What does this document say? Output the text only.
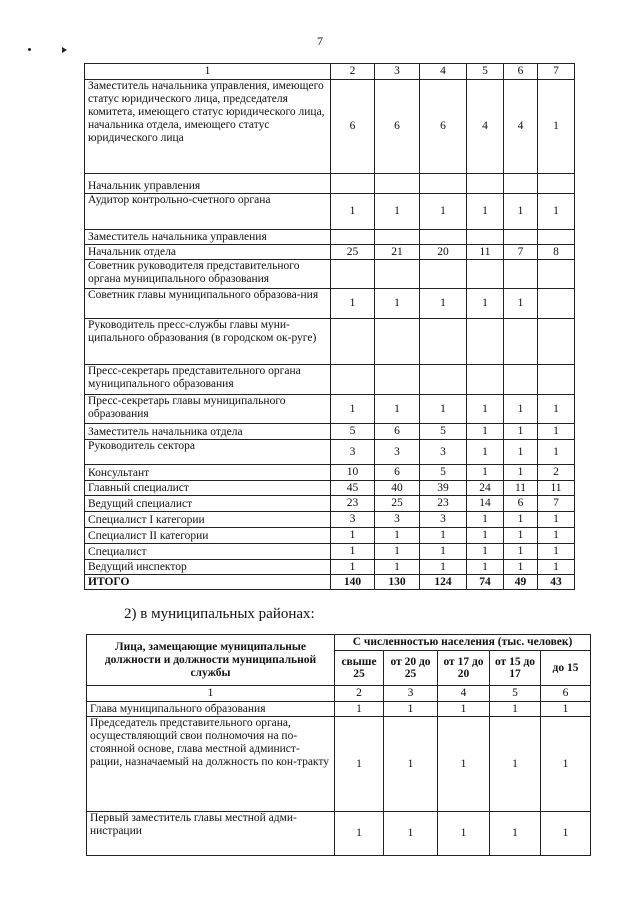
7
1	2	3	4	5	6	7
Заместитель начальника управления, имеющего статус юридического лица, председателя комитета, имеющего статус юридического лица, начальника отдела, имеющего статус юридического лица	6	6	6	4	4	1
Начальник управления						
Аудитор контрольно-счетного органа	1	1	1	1	1	1
Заместитель начальника управления						
Начальник отдела	25	21	20	11	7	8
Советник руководителя представительного органа муниципального образования						
Советник главы муниципального образова-ния	1	1	1	1	1	
Руководитель пресс-службы главы муни-ципального образования (в городском ок-руге)						
Пресс-секретарь представительного органа муниципального образования						
Пресс-секретарь главы муниципального образования	1	1	1	1	1	1
Заместитель начальника отдела	5	6	5	1	1	1
Руководитель сектора	3	3	3	1	1	1
Консультант	10	6	5	1	1	2
Главный специалист	45	40	39	24	11	11
Ведущий специалист	23	25	23	14	6	7
Специалист I категории	3	3	3	1	1	1
Специалист II категории	1	1	1	1	1	1
Специалист	1	1	1	1	1	1
Ведущий инспектор	1	1	1	1	1	1
ИТОГО	140	130	124	74	49	43
2) в муниципальных районах:
Лица, замещающие муниципальные должности и должности муниципальной службы	С численностью населения (тыс. человек)				
	свыше 25	от 20 до 25	от 17 до 20	от 15 до 17	до 15
1	2	3	4	5	6
Глава муниципального образования	1	1	1	1	1
Председатель представительного органа, осуществляющий свои полномочия на по-стоянной основе, глава местной админист-рации, назначаемый на должность по кон-тракту	1	1	1	1	1
Первый заместитель главы местной адми-нистрации	1	1	1	1	1
